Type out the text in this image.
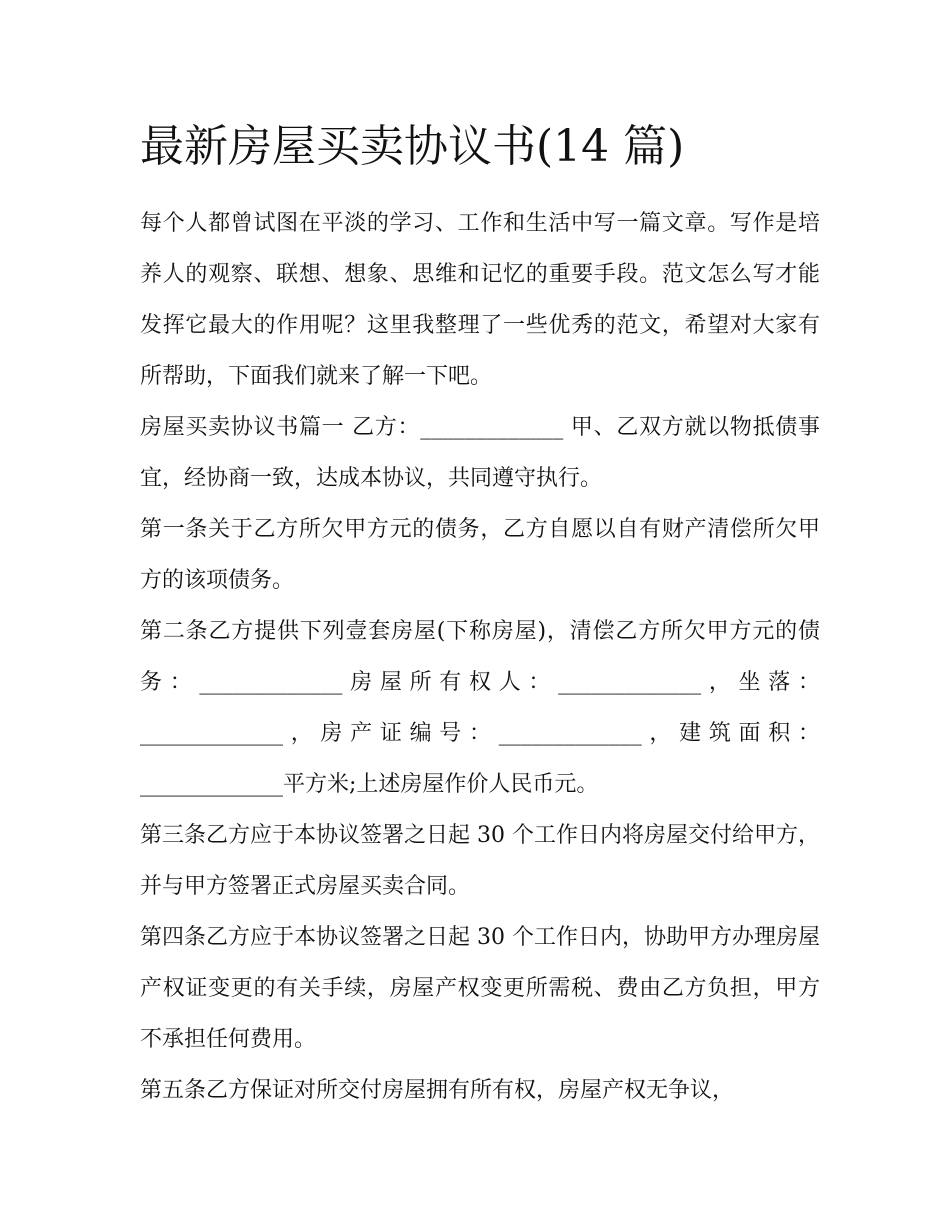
最新房屋买卖协议书(14 篇)

每个人都曾试图在平淡的学习、工作和生活中写一篇文章。写作是培养人的观察、联想、想象、思维和记忆的重要手段。范文怎么写才能发挥它最大的作用呢？这里我整理了一些优秀的范文，希望对大家有所帮助，下面我们就来了解一下吧。

房屋买卖协议书篇一 乙方：_____________ 甲、乙双方就以物抵债事宜，经协商一致，达成本协议，共同遵守执行。

第一条关于乙方所欠甲方元的债务，乙方自愿以自有财产清偿所欠甲方的该项债务。

第二条乙方提供下列壹套房屋(下称房屋)，清偿乙方所欠甲方元的债务：_____________房屋所有权人：_____________，坐落：_____________，房产证编号：_____________，建筑面积：_____________平方米;上述房屋作价人民币元。

第三条乙方应于本协议签署之日起 30 个工作日内将房屋交付给甲方，并与甲方签署正式房屋买卖合同。

第四条乙方应于本协议签署之日起 30 个工作日内，协助甲方办理房屋产权证变更的有关手续，房屋产权变更所需税、费由乙方负担，甲方不承担任何费用。

第五条乙方保证对所交付房屋拥有所有权，房屋产权无争议，
